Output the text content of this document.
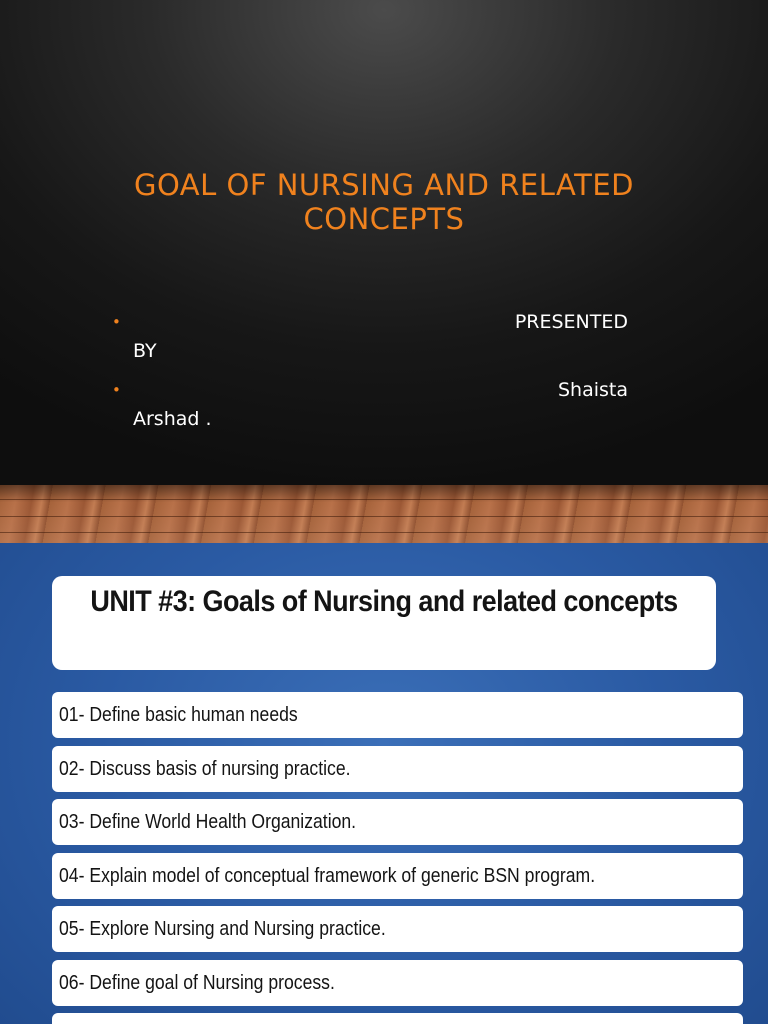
GOAL OF NURSING AND RELATED
CONCEPTS
•	PRESENTED
BY
•	Shaista
Arshad .
UNIT #3: Goals of Nursing and related concepts
01- Define basic human needs
02- Discuss basis of nursing practice.
03- Define World Health Organization.
04- Explain model of conceptual framework of generic BSN program.
05- Explore Nursing and Nursing practice.
06- Define goal of Nursing process.
